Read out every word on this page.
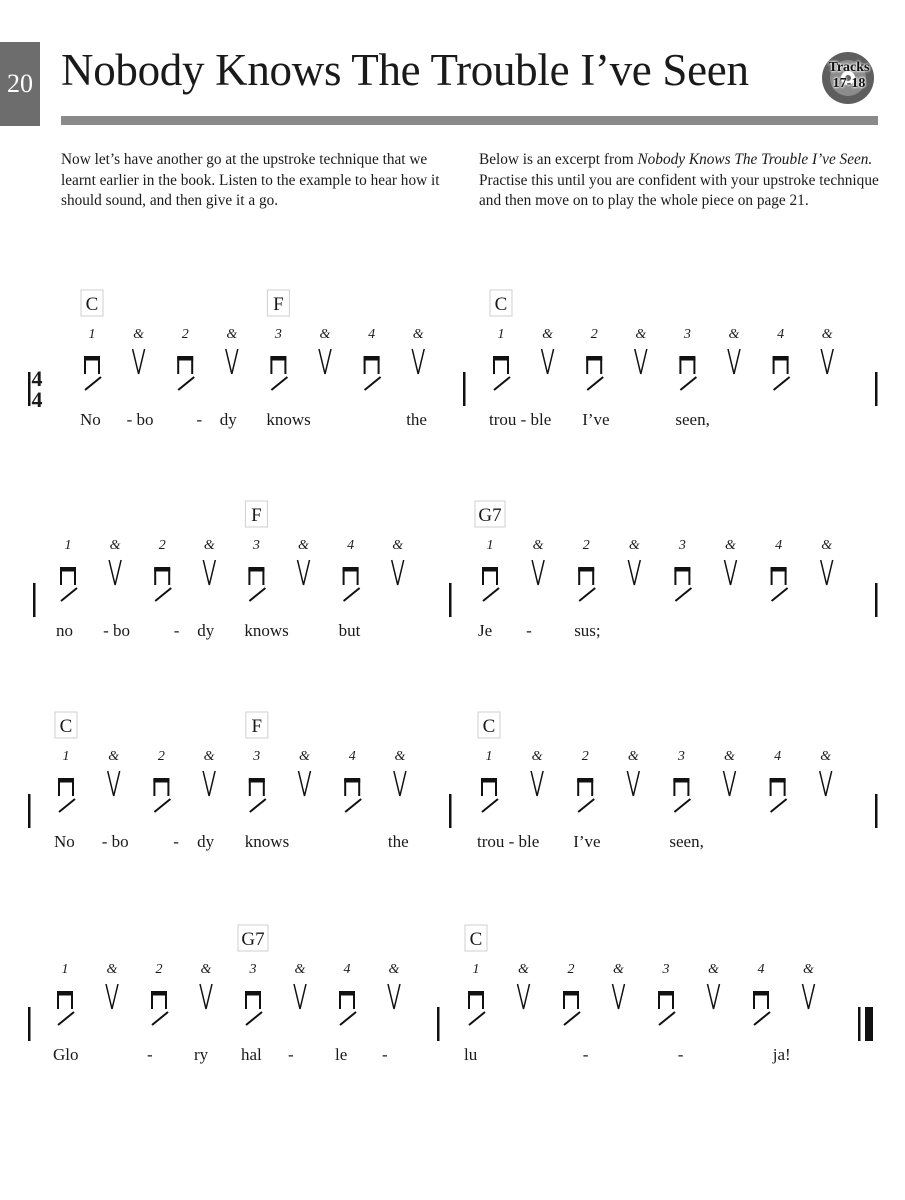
20 Nobody Knows The Trouble I’ve Seen	Tracks
17-18
Now let’s have another go at the upstroke technique that we learnt earlier in the book. Listen to the example to hear how it should sound, and then give it a go.
Below is an excerpt from Nobody Knows The Trouble I’ve Seen. Practise this until you are confident with your upstroke technique and then move on to play the whole piece on page 21.
4
4
1	&	2	&	3	&	4	&
C	F
No - bo	- dy knows	the
1	&	2	&	3	&	4	&
C
trou - ble I’ve	seen,
1	&	2	&	3	&	4	&
F
no - bo	- dy knows	but
1	&	2	&	3	&	4	&
G7
Je - sus;
1	&	2	&	3	&	4	&
C	F
No - bo	- dy knows	the
1	&	2	&	3	&	4	&
C
trou - ble I’ve	seen,
1	&	2	&	3	&	4	&
G7
Glo	- ry hal - le -
1	&	2	&	3	&	4	&
C
lu	-	-	ja!
